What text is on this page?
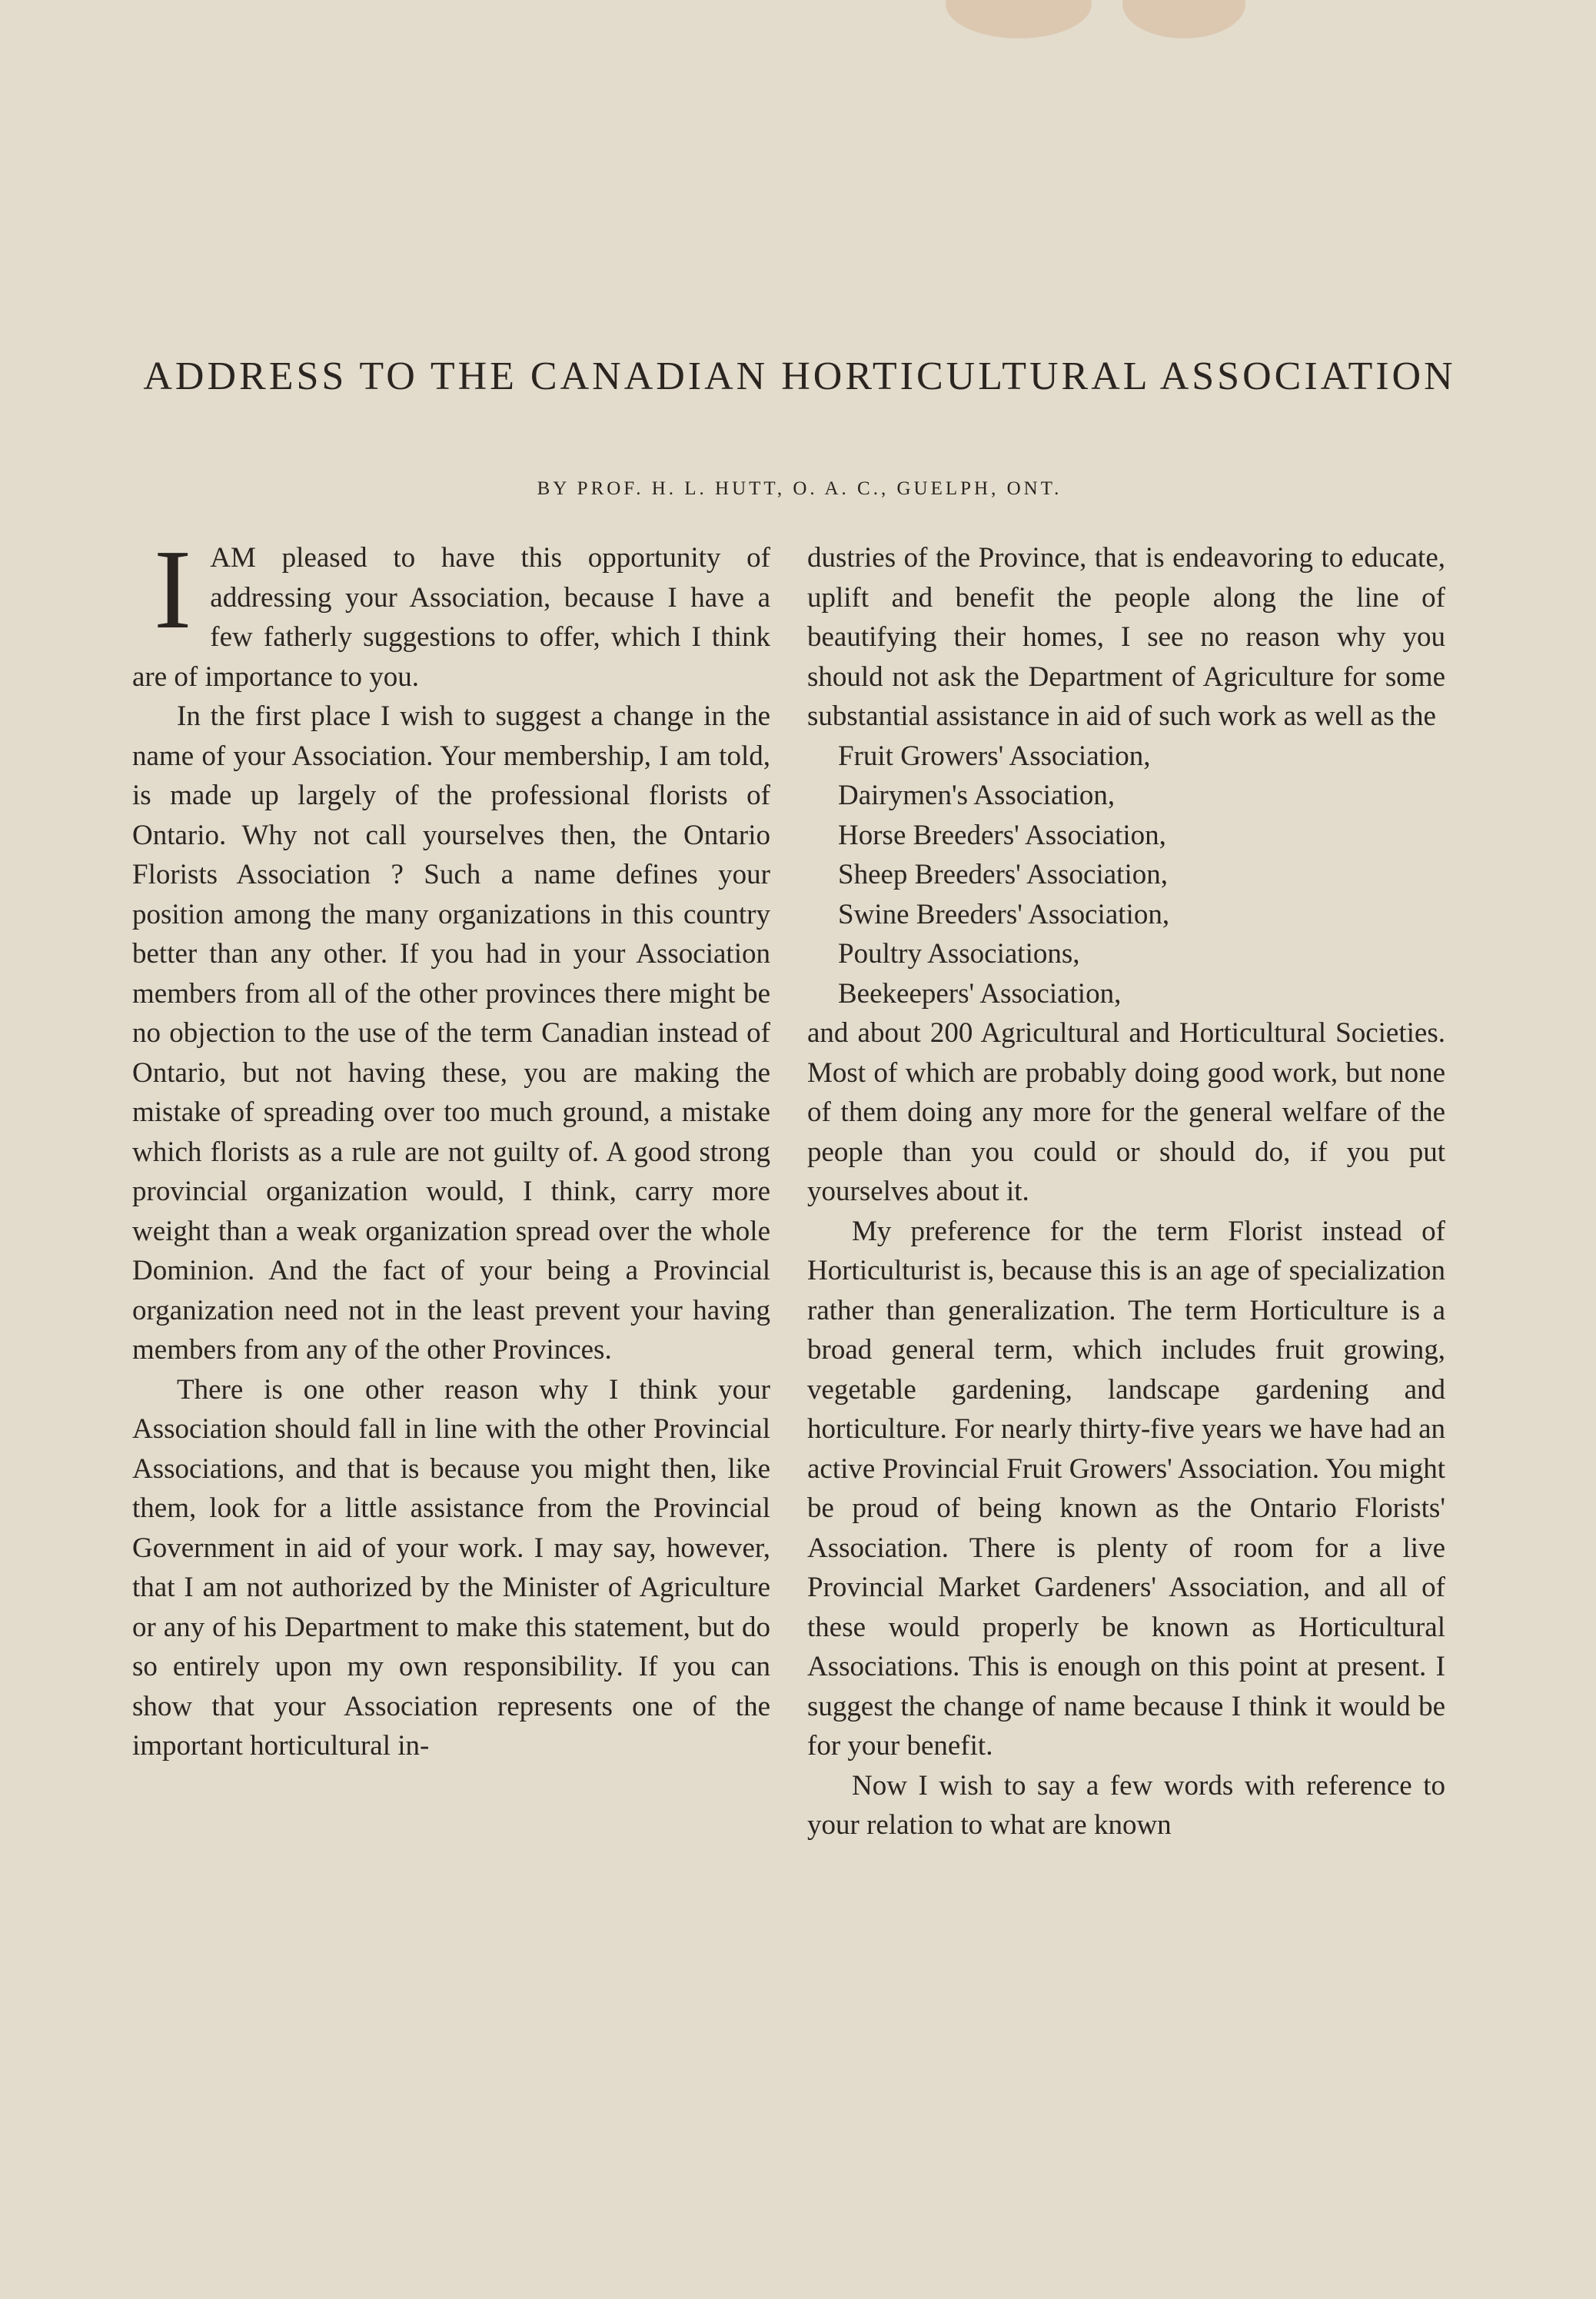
ADDRESS TO THE CANADIAN HORTICULTURAL ASSOCIATION
BY PROF. H. L. HUTT, O. A. C., GUELPH, ONT.

I AM pleased to have this opportunity of addressing your Association, because I have a few fatherly suggestions to offer, which I think are of importance to you.

In the first place I wish to suggest a change in the name of your Association. Your membership, I am told, is made up largely of the professional florists of Ontario. Why not call yourselves then, the Ontario Florists Association ? Such a name defines your position among the many organizations in this country better than any other. If you had in your Association members from all of the other provinces there might be no objection to the use of the term Canadian instead of Ontario, but not having these, you are making the mistake of spreading over too much ground, a mistake which florists as a rule are not guilty of. A good strong provincial organization would, I think, carry more weight than a weak organization spread over the whole Dominion. And the fact of your being a Provincial organization need not in the least prevent your having members from any of the other Provinces.

There is one other reason why I think your Association should fall in line with the other Provincial Associations, and that is because you might then, like them, look for a little assistance from the Provincial Government in aid of your work. I may say, however, that I am not authorized by the Minister of Agriculture or any of his Department to make this statement, but do so entirely upon my own responsibility. If you can show that your Association represents one of the important horticultural in-

dustries of the Province, that is endeavoring to educate, uplift and benefit the people along the line of beautifying their homes, I see no reason why you should not ask the Department of Agriculture for some substantial assistance in aid of such work as well as the

Fruit Growers' Association,
Dairymen's Association,
Horse Breeders' Association,
Sheep Breeders' Association,
Swine Breeders' Association,
Poultry Associations,
Beekeepers' Association,

and about 200 Agricultural and Horticultural Societies. Most of which are probably doing good work, but none of them doing any more for the general welfare of the people than you could or should do, if you put yourselves about it.

My preference for the term Florist instead of Horticulturist is, because this is an age of specialization rather than generalization. The term Horticulture is a broad general term, which includes fruit growing, vegetable gardening, landscape gardening and horticulture. For nearly thirty-five years we have had an active Provincial Fruit Growers' Association. You might be proud of being known as the Ontario Florists' Association. There is plenty of room for a live Provincial Market Gardeners' Association, and all of these would properly be known as Horticultural Associations. This is enough on this point at present. I suggest the change of name because I think it would be for your benefit.

Now I wish to say a few words with reference to your relation to what are known
